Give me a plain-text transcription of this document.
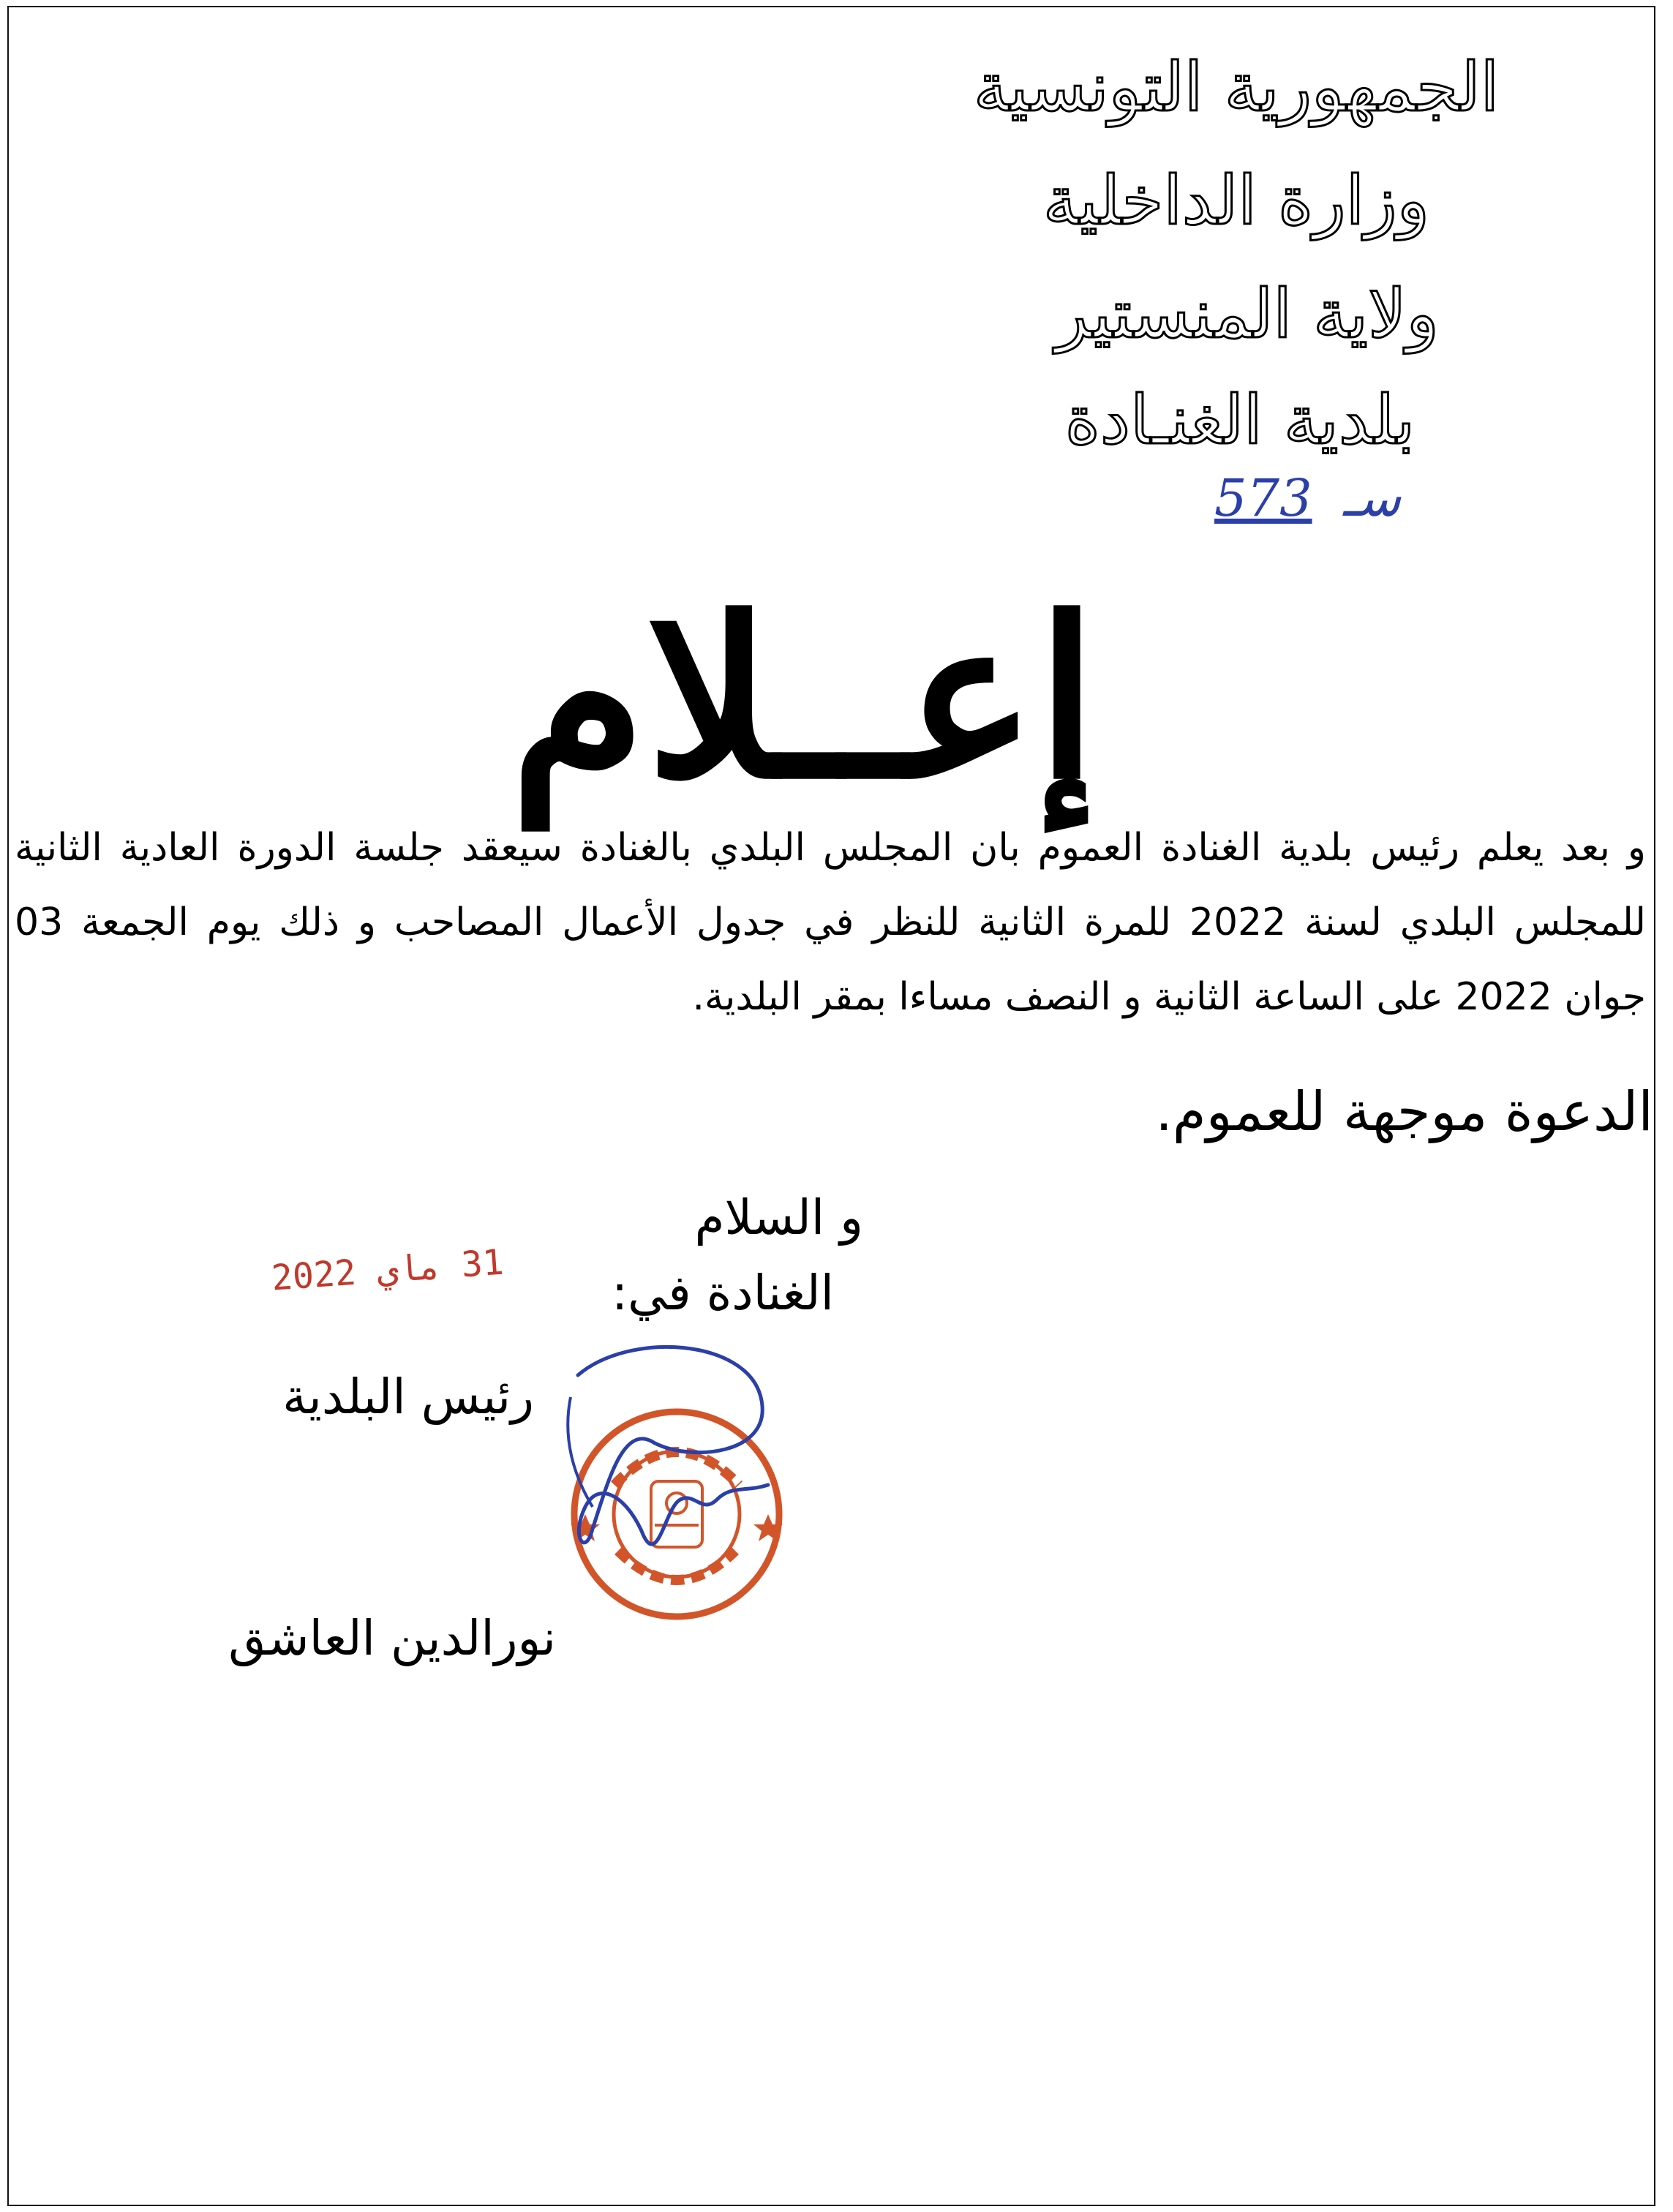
الجمهورية التونسية
وزارة الداخلية
ولاية المنستير
بلدية الغنـادة
573 ﺳـ
إعــلام
و بعد يعلم رئيس بلدية الغنادة العموم بان المجلس البلدي بالغنادة سيعقد جلسة الدورة العادية الثانية للمجلس البلدي لسنة 2022 للمرة الثانية للنظر في جدول الأعمال المصاحب و ذلك يوم الجمعة 03 جوان 2022 على الساعة الثانية و النصف مساءا بمقر البلدية.
الدعوة موجهة للعموم.
و السلام
الغنادة في:
31 ماي 2022
رئيس البلدية
نورالدين العاشق
